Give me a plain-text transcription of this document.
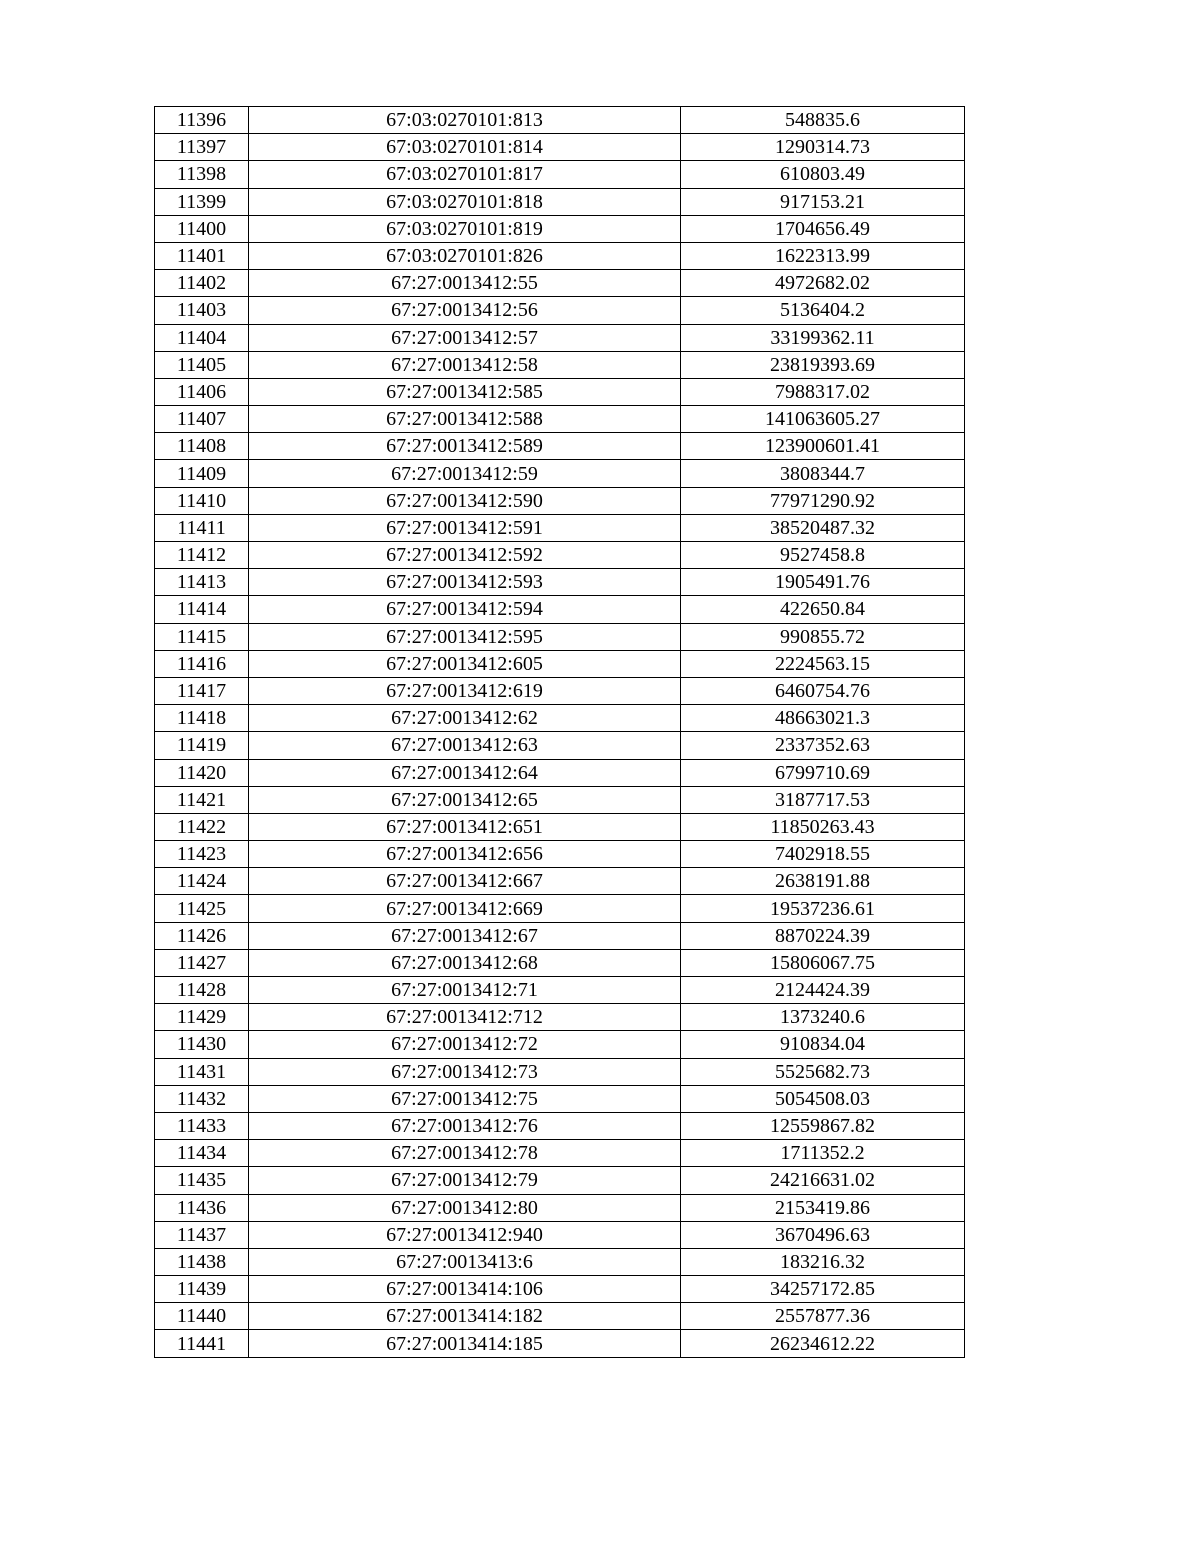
11396	67:03:0270101:813	548835.6
11397	67:03:0270101:814	1290314.73
11398	67:03:0270101:817	610803.49
11399	67:03:0270101:818	917153.21
11400	67:03:0270101:819	1704656.49
11401	67:03:0270101:826	1622313.99
11402	67:27:0013412:55	4972682.02
11403	67:27:0013412:56	5136404.2
11404	67:27:0013412:57	33199362.11
11405	67:27:0013412:58	23819393.69
11406	67:27:0013412:585	7988317.02
11407	67:27:0013412:588	141063605.27
11408	67:27:0013412:589	123900601.41
11409	67:27:0013412:59	3808344.7
11410	67:27:0013412:590	77971290.92
11411	67:27:0013412:591	38520487.32
11412	67:27:0013412:592	9527458.8
11413	67:27:0013412:593	1905491.76
11414	67:27:0013412:594	422650.84
11415	67:27:0013412:595	990855.72
11416	67:27:0013412:605	2224563.15
11417	67:27:0013412:619	6460754.76
11418	67:27:0013412:62	48663021.3
11419	67:27:0013412:63	2337352.63
11420	67:27:0013412:64	6799710.69
11421	67:27:0013412:65	3187717.53
11422	67:27:0013412:651	11850263.43
11423	67:27:0013412:656	7402918.55
11424	67:27:0013412:667	2638191.88
11425	67:27:0013412:669	19537236.61
11426	67:27:0013412:67	8870224.39
11427	67:27:0013412:68	15806067.75
11428	67:27:0013412:71	2124424.39
11429	67:27:0013412:712	1373240.6
11430	67:27:0013412:72	910834.04
11431	67:27:0013412:73	5525682.73
11432	67:27:0013412:75	5054508.03
11433	67:27:0013412:76	12559867.82
11434	67:27:0013412:78	1711352.2
11435	67:27:0013412:79	24216631.02
11436	67:27:0013412:80	2153419.86
11437	67:27:0013412:940	3670496.63
11438	67:27:0013413:6	183216.32
11439	67:27:0013414:106	34257172.85
11440	67:27:0013414:182	2557877.36
11441	67:27:0013414:185	26234612.22
